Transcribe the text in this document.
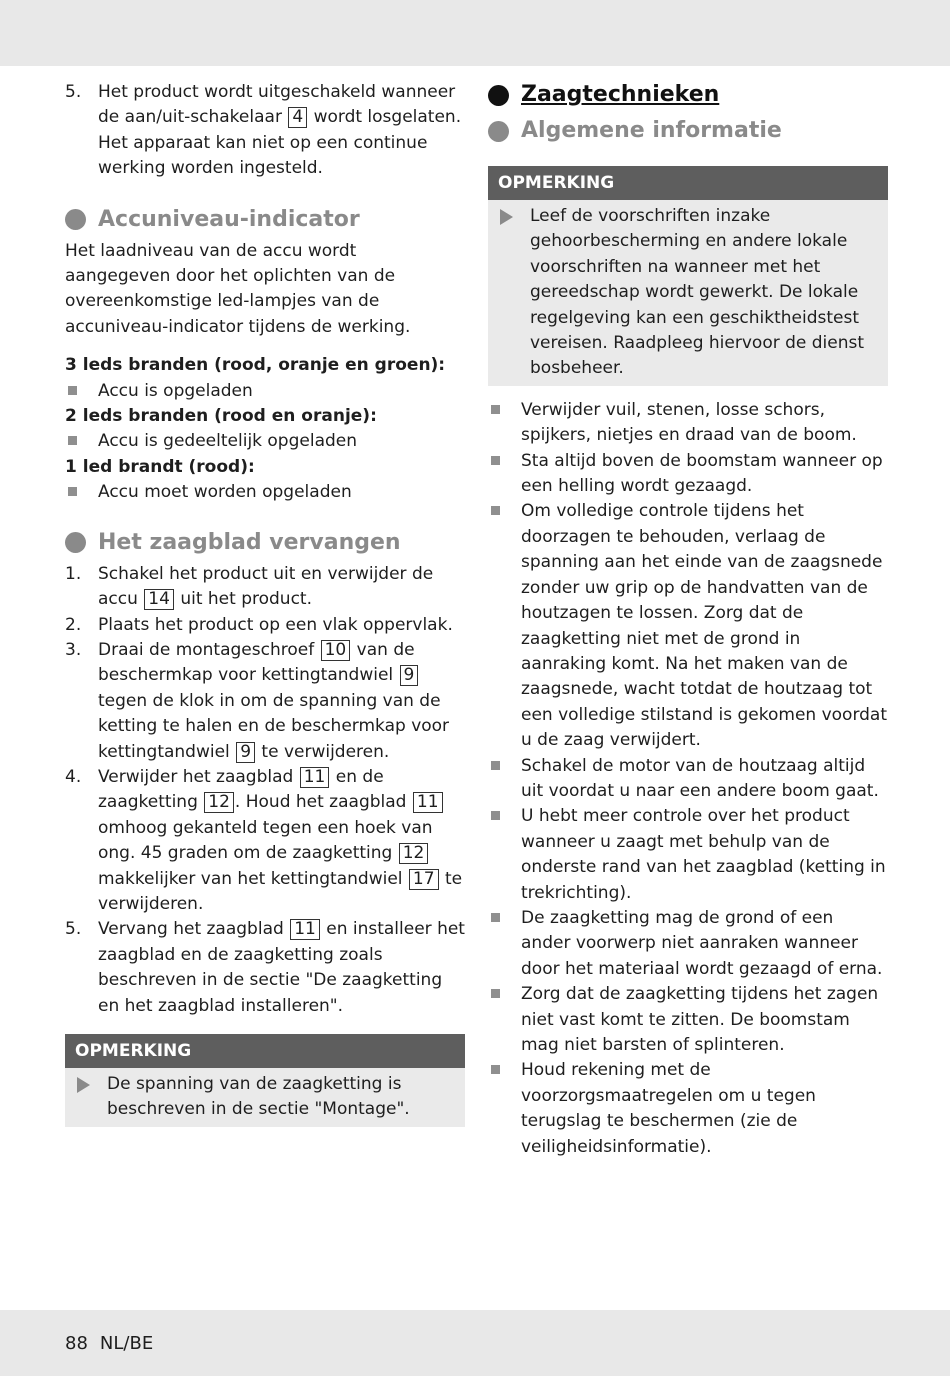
5. Het product wordt uitgeschakeld wanneer de aan/uit-schakelaar 4 wordt losgelaten. Het apparaat kan niet op een continue werking worden ingesteld.
Accuniveau-indicator

Het laadniveau van de accu wordt aangegeven door het oplichten van de overeenkomstige led-lampjes van de accuniveau-indicator tijdens de werking.

3 leds branden (rood, oranje en groen):

Accu is opgeladen

2 leds branden (rood en oranje):

Accu is gedeeltelijk opgeladen

1 led brandt (rood):

Accu moet worden opgeladen
Het zaagblad vervangen
1. Schakel het product uit en verwijder de accu 14 uit het product.
2. Plaats het product op een vlak oppervlak.
3. Draai de montageschroef 10 van de beschermkap voor kettingtandwiel 9 tegen de klok in om de spanning van de ketting te halen en de beschermkap voor kettingtandwiel 9 te verwijderen.
4. Verwijder het zaagblad 11 en de zaagketting 12 . Houd het zaagblad 11 omhoog gekanteld tegen een hoek van ong. 45 graden om de zaagketting 12 makkelijker van het kettingtandwiel 17 te verwijderen.
5. Vervang het zaagblad 11 en installeer het zaagblad en de zaagketting zoals beschreven in de sectie "De zaagketting en het zaagblad installeren".
OPMERKING
De spanning van de zaagketting is beschreven in de sectie "Montage".
Zaagtechnieken
Algemene informatie
OPMERKING
Leef de voorschriften inzake gehoorbescherming en andere lokale voorschriften na wanneer met het gereedschap wordt gewerkt. De lokale regelgeving kan een geschiktheidstest vereisen. Raadpleeg hiervoor de dienst bosbeheer.
Verwijder vuil, stenen, losse schors, spijkers, nietjes en draad van de boom.
Sta altijd boven de boomstam wanneer op een helling wordt gezaagd.
Om volledige controle tijdens het doorzagen te behouden, verlaag de spanning aan het einde van de zaagsnede zonder uw grip op de handvatten van de houtzagen te lossen. Zorg dat de zaagketting niet met de grond in aanraking komt. Na het maken van de zaagsnede, wacht totdat de houtzaag tot een volledige stilstand is gekomen voordat u de zaag verwijdert.
Schakel de motor van de houtzaag altijd uit voordat u naar een andere boom gaat.
U hebt meer controle over het product wanneer u zaagt met behulp van de onderste rand van het zaagblad (ketting in trekrichting).
De zaagketting mag de grond of een ander voorwerp niet aanraken wanneer door het materiaal wordt gezaagd of erna.
Zorg dat de zaagketting tijdens het zagen niet vast komt te zitten. De boomstam mag niet barsten of splinteren.
Houd rekening met de voorzorgsmaatregelen om u tegen terugslag te beschermen (zie de veiligheidsinformatie).
88 NL/BE
